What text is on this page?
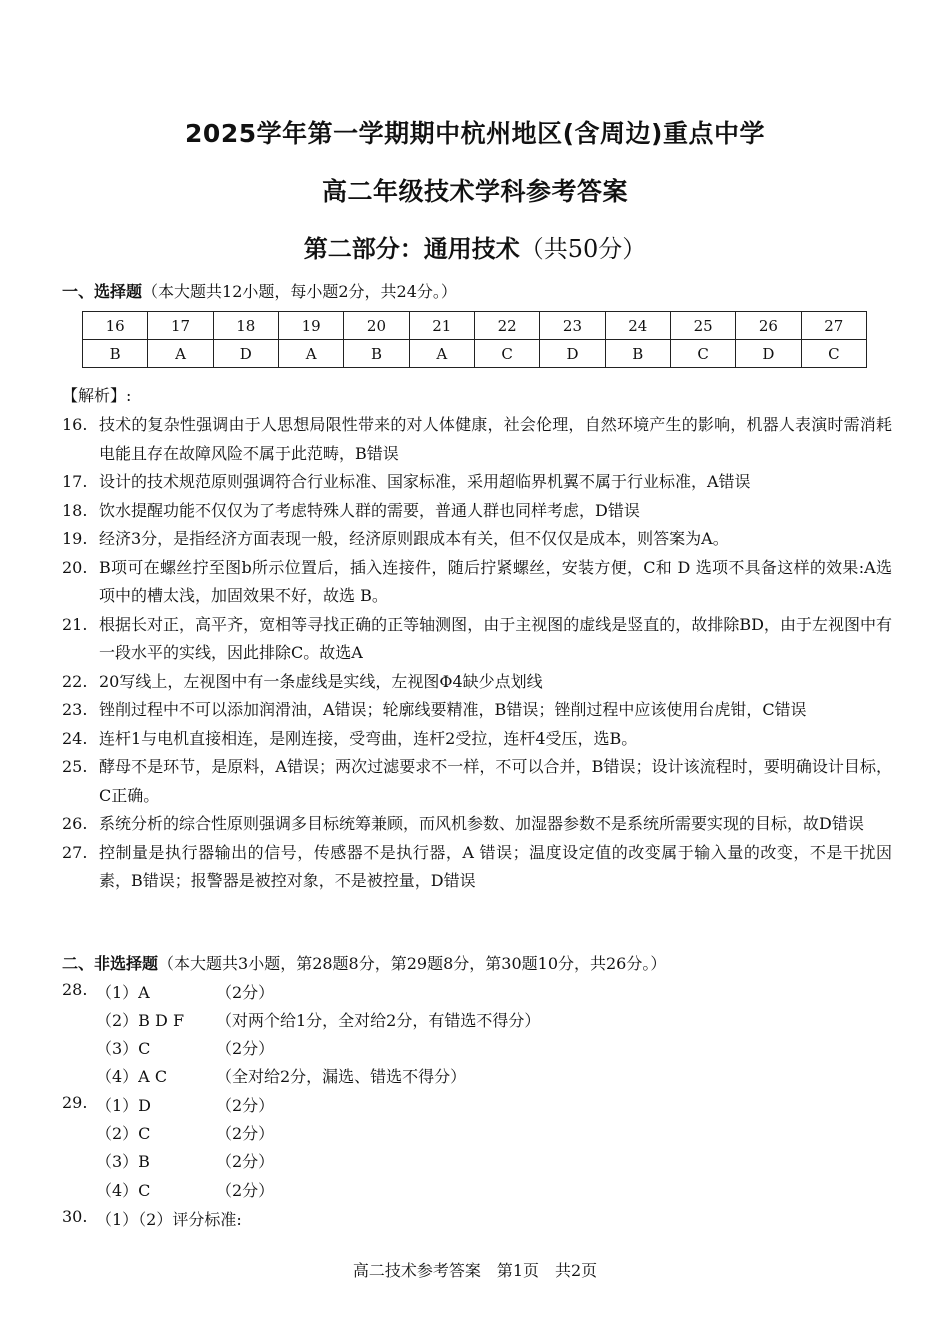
2025学年第一学期期中杭州地区(含周边)重点中学
高二年级技术学科参考答案
第二部分：通用技术（共50分）
一、选择题（本大题共12小题，每小题2分，共24分。）
16	17	18	19	20	21	22	23	24	25	26	27
B	A	D	A	B	A	C	D	B	C	D	C
【解析】:
16. 技术的复杂性强调由于人思想局限性带来的对人体健康，社会伦理，自然环境产生的影响，机器人表演时需消耗电能且存在故障风险不属于此范畴，B错误
17. 设计的技术规范原则强调符合行业标准、国家标准，采用超临界机翼不属于行业标准，A错误
18. 饮水提醒功能不仅仅为了考虑特殊人群的需要，普通人群也同样考虑，D错误
19. 经济3分，是指经济方面表现一般，经济原则跟成本有关，但不仅仅是成本，则答案为A。
20. B项可在螺丝拧至图b所示位置后，插入连接件，随后拧紧螺丝，安装方便，C和 D 选项不具备这样的效果:A选项中的槽太浅，加固效果不好，故选 B。
21. 根据长对正，高平齐，宽相等寻找正确的正等轴测图，由于主视图的虚线是竖直的，故排除BD，由于左视图中有一段水平的实线，因此排除C。故选A
22. 20写线上，左视图中有一条虚线是实线，左视图Φ4缺少点划线
23. 锉削过程中不可以添加润滑油，A错误；轮廓线要精准，B错误；锉削过程中应该使用台虎钳，C错误
24. 连杆1与电机直接相连，是刚连接，受弯曲，连杆2受拉，连杆4受压，选B。
25. 酵母不是环节，是原料，A错误；两次过滤要求不一样，不可以合并，B错误；设计该流程时，要明确设计目标，C正确。
26. 系统分析的综合性原则强调多目标统筹兼顾，而风机参数、加湿器参数不是系统所需要实现的目标，故D错误
27. 控制量是执行器输出的信号，传感器不是执行器，A 错误；温度设定值的改变属于输入量的改变，不是干扰因素，B错误；报警器是被控对象，不是被控量，D错误
二、非选择题（本大题共3小题，第28题8分，第29题8分，第30题10分，共26分。）
28. （1）A	（2分）
（2）B D F （对两个给1分，全对给2分，有错选不得分）
（3）C	（2分）
（4）A C	（全对给2分，漏选、错选不得分）
29. （1）D	（2分）
（2）C	（2分）
（3）B	（2分）
（4）C	（2分）
30. （1）（2）评分标准:
高二技术参考答案　第1页　共2页
